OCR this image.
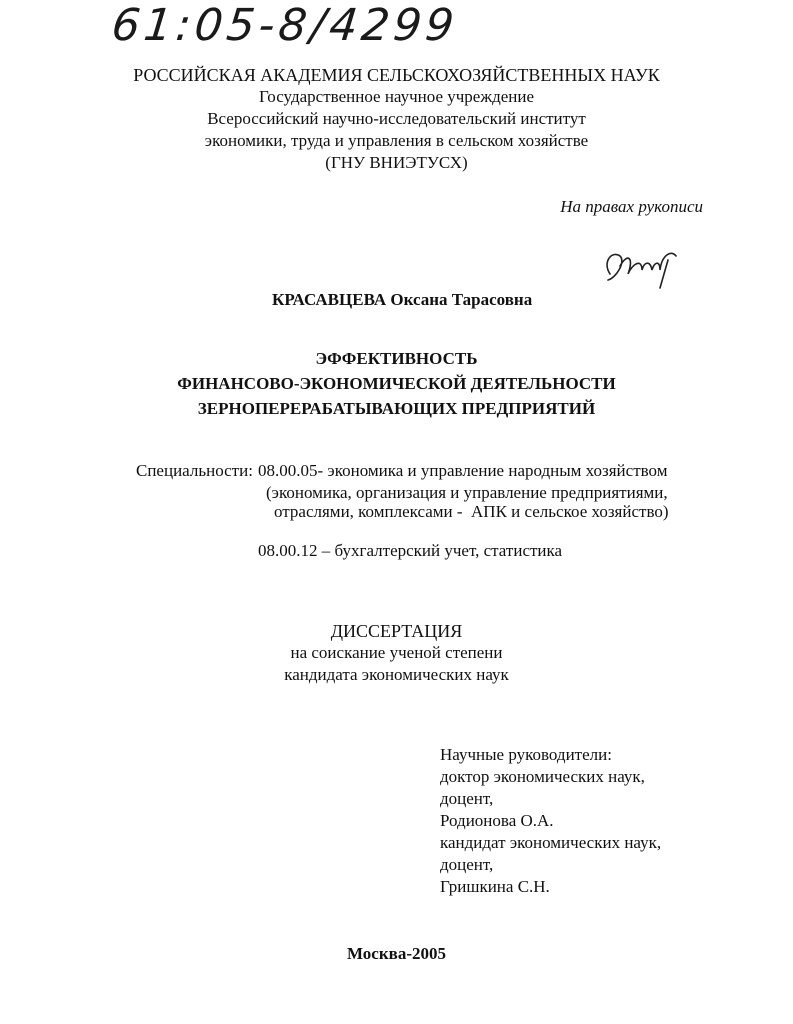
61:05-8/4299
РОССИЙСКАЯ АКАДЕМИЯ СЕЛЬСКОХОЗЯЙСТВЕННЫХ НАУК
Государственное научное учреждение
Всероссийский научно-исследовательский институт
экономики, труда и управления в сельском хозяйстве
(ГНУ ВНИЭТУСХ)
На правах рукописи
КРАСАВЦЕВА Оксана Тарасовна
ЭФФЕКТИВНОСТЬ
ФИНАНСОВО-ЭКОНОМИЧЕСКОЙ ДЕЯТЕЛЬНОСТИ
ЗЕРНОПЕРЕРАБАТЫВАЮЩИХ ПРЕДПРИЯТИЙ
Специальности: 08.00.05- экономика и управление народным хозяйством
(экономика, организация и управление предприятиями,
отраслями, комплексами -  АПК и сельское хозяйство)
08.00.12 – бухгалтерский учет, статистика
ДИССЕРТАЦИЯ
на соискание ученой степени
кандидата экономических наук
Научные руководители:
доктор экономических наук,
доцент,
Родионова О.А.
кандидат экономических наук,
доцент,
Гришкина С.Н.
Москва-2005
